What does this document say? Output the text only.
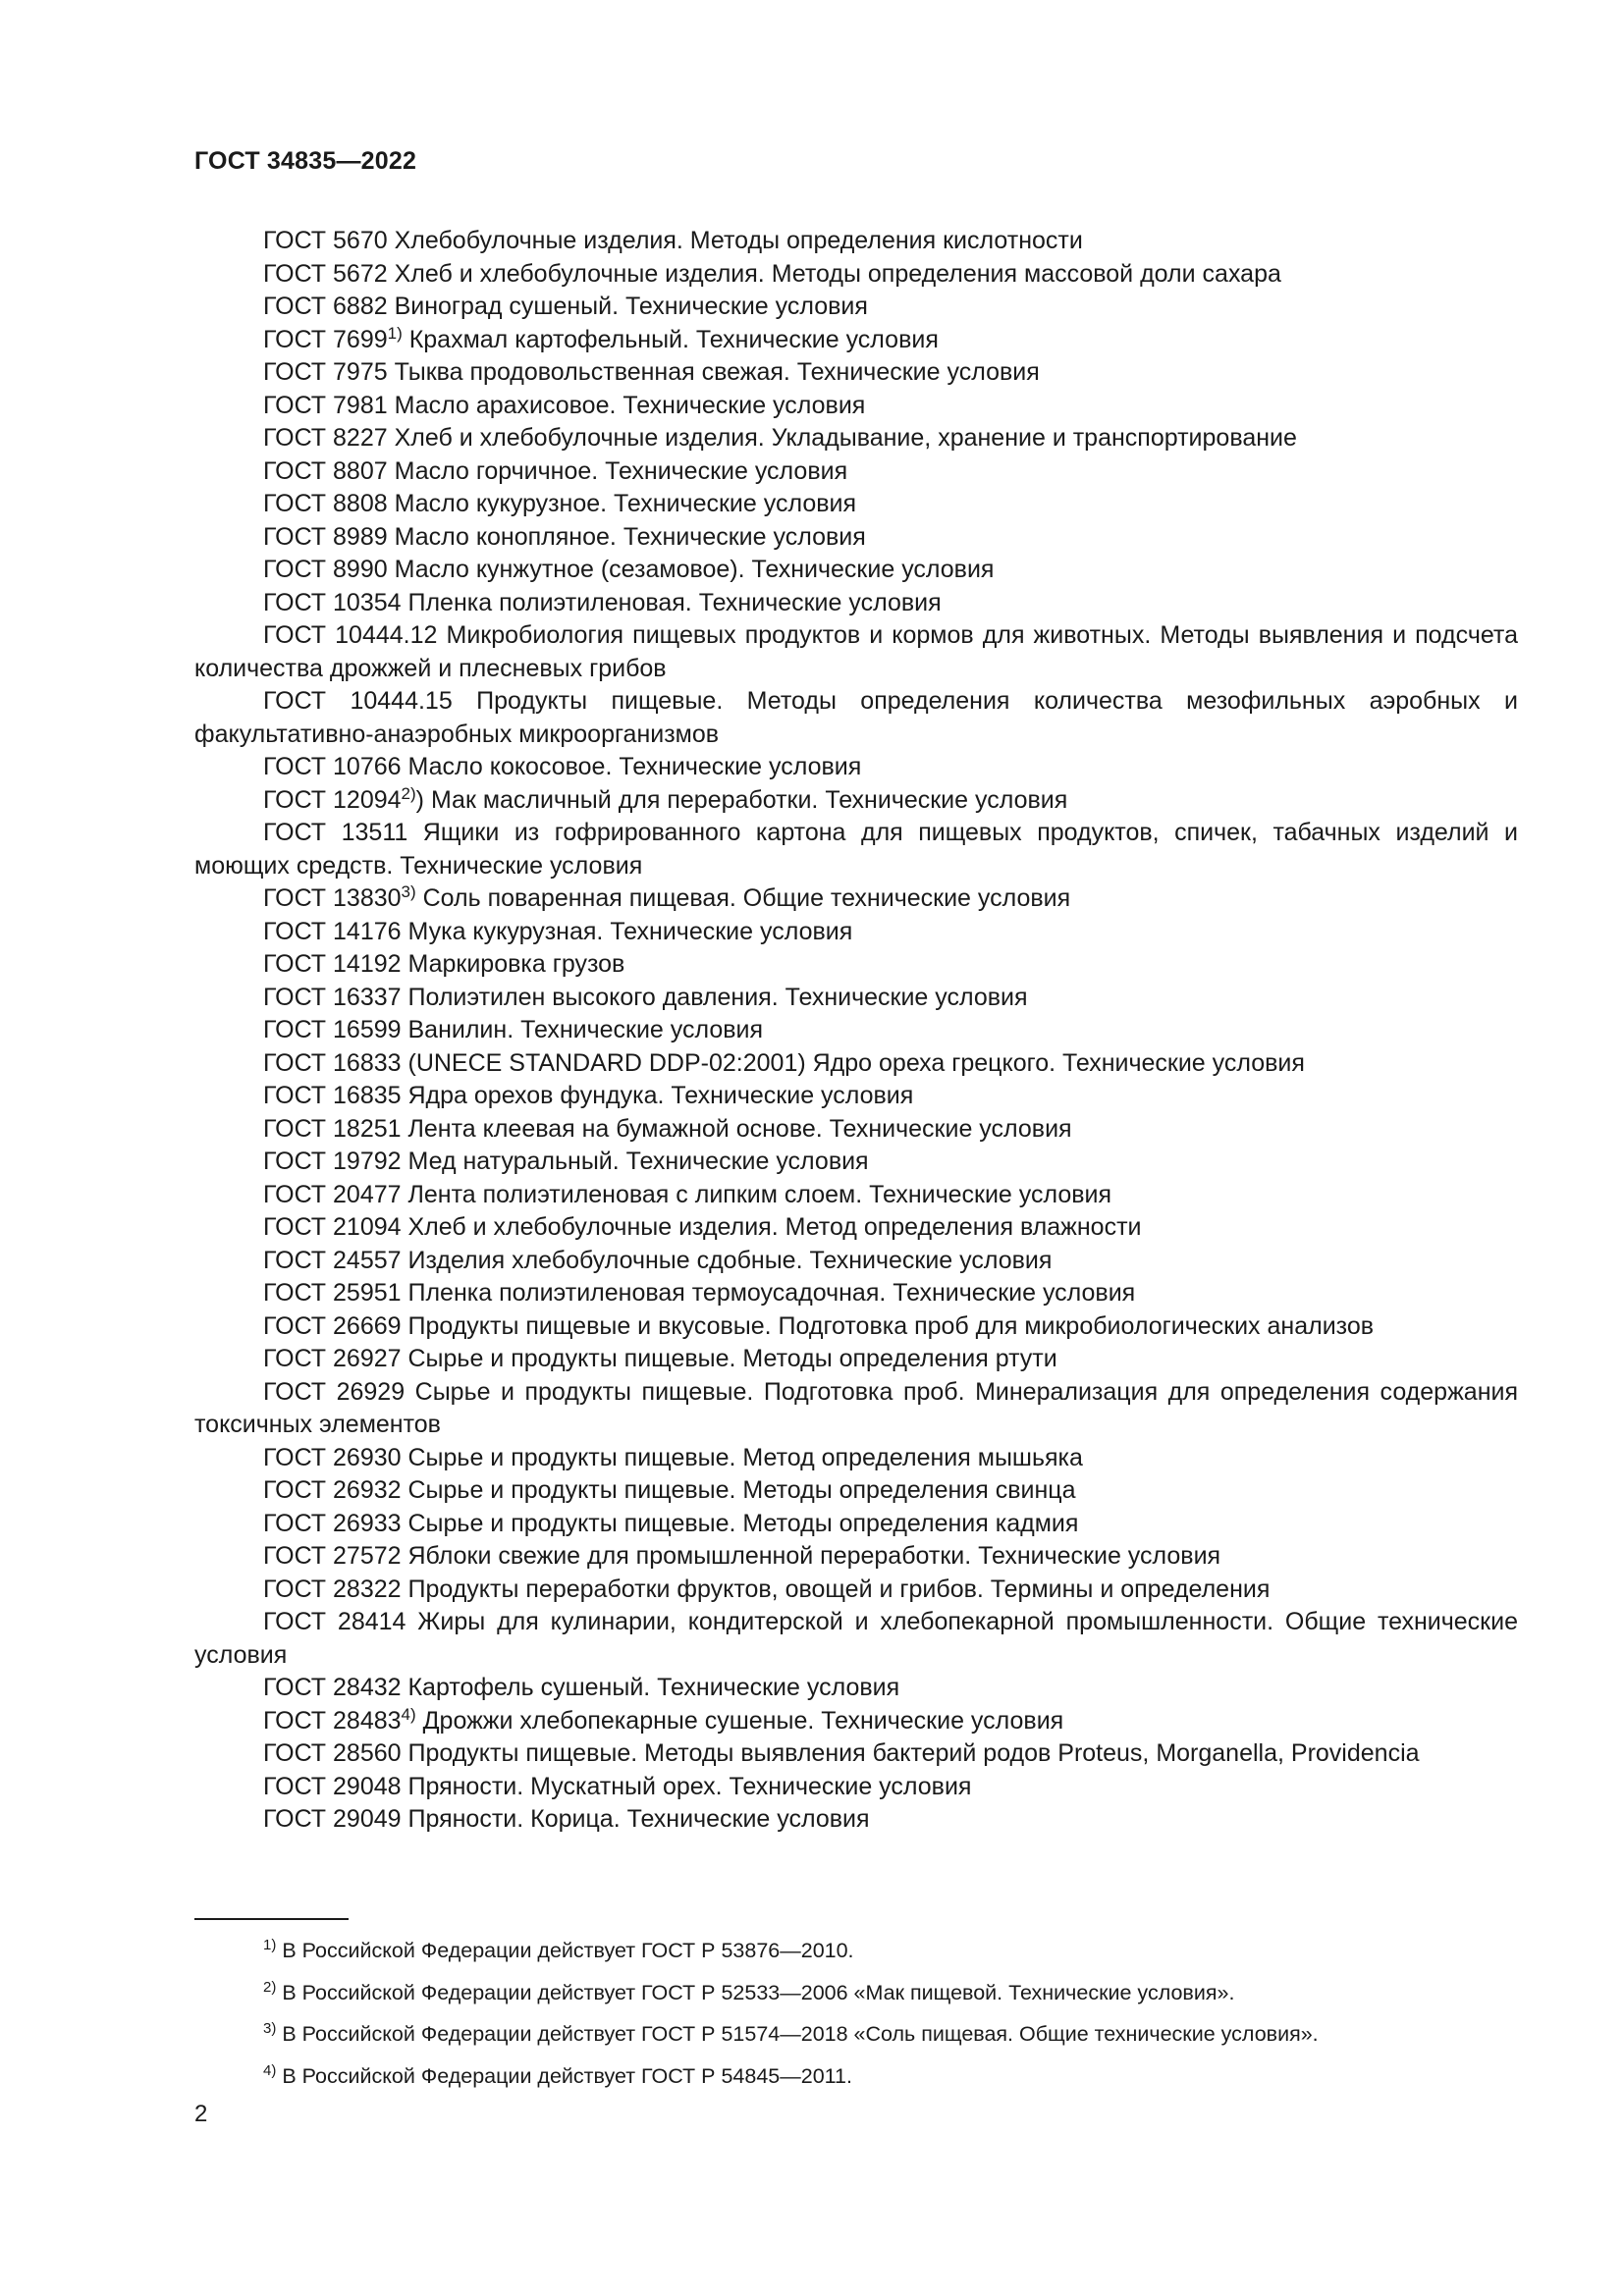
ГОСТ 34835—2022

ГОСТ 5670 Хлебобулочные изделия. Методы определения кислотности

ГОСТ 5672 Хлеб и хлебобулочные изделия. Методы определения массовой доли сахара

ГОСТ 6882 Виноград сушеный. Технические условия

ГОСТ 7699$^{1)}$ Крахмал картофельный. Технические условия

ГОСТ 7975 Тыква продовольственная свежая. Технические условия

ГОСТ 7981 Масло арахисовое. Технические условия

ГОСТ 8227 Хлеб и хлебобулочные изделия. Укладывание, хранение и транспортирование

ГОСТ 8807 Масло горчичное. Технические условия

ГОСТ 8808 Масло кукурузное. Технические условия

ГОСТ 8989 Масло конопляное. Технические условия

ГОСТ 8990 Масло кунжутное (сезамовое). Технические условия

ГОСТ 10354 Пленка полиэтиленовая. Технические условия

ГОСТ 10444.12 Микробиология пищевых продуктов и кормов для животных. Методы выявления и подсчета количества дрожжей и плесневых грибов

ГОСТ 10444.15 Продукты пищевые. Методы определения количества мезофильных аэробных и факультативно-анаэробных микроорганизмов

ГОСТ 10766 Масло кокосовое. Технические условия

ГОСТ 12094$^{2)}$) Мак масличный для переработки. Технические условия

ГОСТ 13511 Ящики из гофрированного картона для пищевых продуктов, спичек, табачных изделий и моющих средств. Технические условия

ГОСТ 13830$^{3)}$ Соль поваренная пищевая. Общие технические условия

ГОСТ 14176 Мука кукурузная. Технические условия

ГОСТ 14192 Маркировка грузов

ГОСТ 16337 Полиэтилен высокого давления. Технические условия

ГОСТ 16599 Ванилин. Технические условия

ГОСТ 16833 (UNECE STANDARD DDP-02:2001) Ядро ореха грецкого. Технические условия

ГОСТ 16835 Ядра орехов фундука. Технические условия

ГОСТ 18251 Лента клеевая на бумажной основе. Технические условия

ГОСТ 19792 Мед натуральный. Технические условия

ГОСТ 20477 Лента полиэтиленовая с липким слоем. Технические условия

ГОСТ 21094 Хлеб и хлебобулочные изделия. Метод определения влажности

ГОСТ 24557 Изделия хлебобулочные сдобные. Технические условия

ГОСТ 25951 Пленка полиэтиленовая термоусадочная. Технические условия

ГОСТ 26669 Продукты пищевые и вкусовые. Подготовка проб для микробиологических анализов

ГОСТ 26927 Сырье и продукты пищевые. Методы определения ртути

ГОСТ 26929 Сырье и продукты пищевые. Подготовка проб. Минерализация для определения содержания токсичных элементов

ГОСТ 26930 Сырье и продукты пищевые. Метод определения мышьяка

ГОСТ 26932 Сырье и продукты пищевые. Методы определения свинца

ГОСТ 26933 Сырье и продукты пищевые. Методы определения кадмия

ГОСТ 27572 Яблоки свежие для промышленной переработки. Технические условия

ГОСТ 28322 Продукты переработки фруктов, овощей и грибов. Термины и определения

ГОСТ 28414 Жиры для кулинарии, кондитерской и хлебопекарной промышленности. Общие технические условия

ГОСТ 28432 Картофель сушеный. Технические условия

ГОСТ 28483$^{4)}$ Дрожжи хлебопекарные сушеные. Технические условия

ГОСТ 28560 Продукты пищевые. Методы выявления бактерий родов Proteus, Morganella, Providencia

ГОСТ 29048 Пряности. Мускатный орех. Технические условия

ГОСТ 29049 Пряности. Корица. Технические условия

$^{1)}$ В Российской Федерации действует ГОСТ Р 53876—2010.

$^{2)}$ В Российской Федерации действует ГОСТ Р 52533—2006 «Мак пищевой. Технические условия».

$^{3)}$ В Российской Федерации действует ГОСТ Р 51574—2018 «Соль пищевая. Общие технические условия».

$^{4)}$ В Российской Федерации действует ГОСТ Р 54845—2011.

2
